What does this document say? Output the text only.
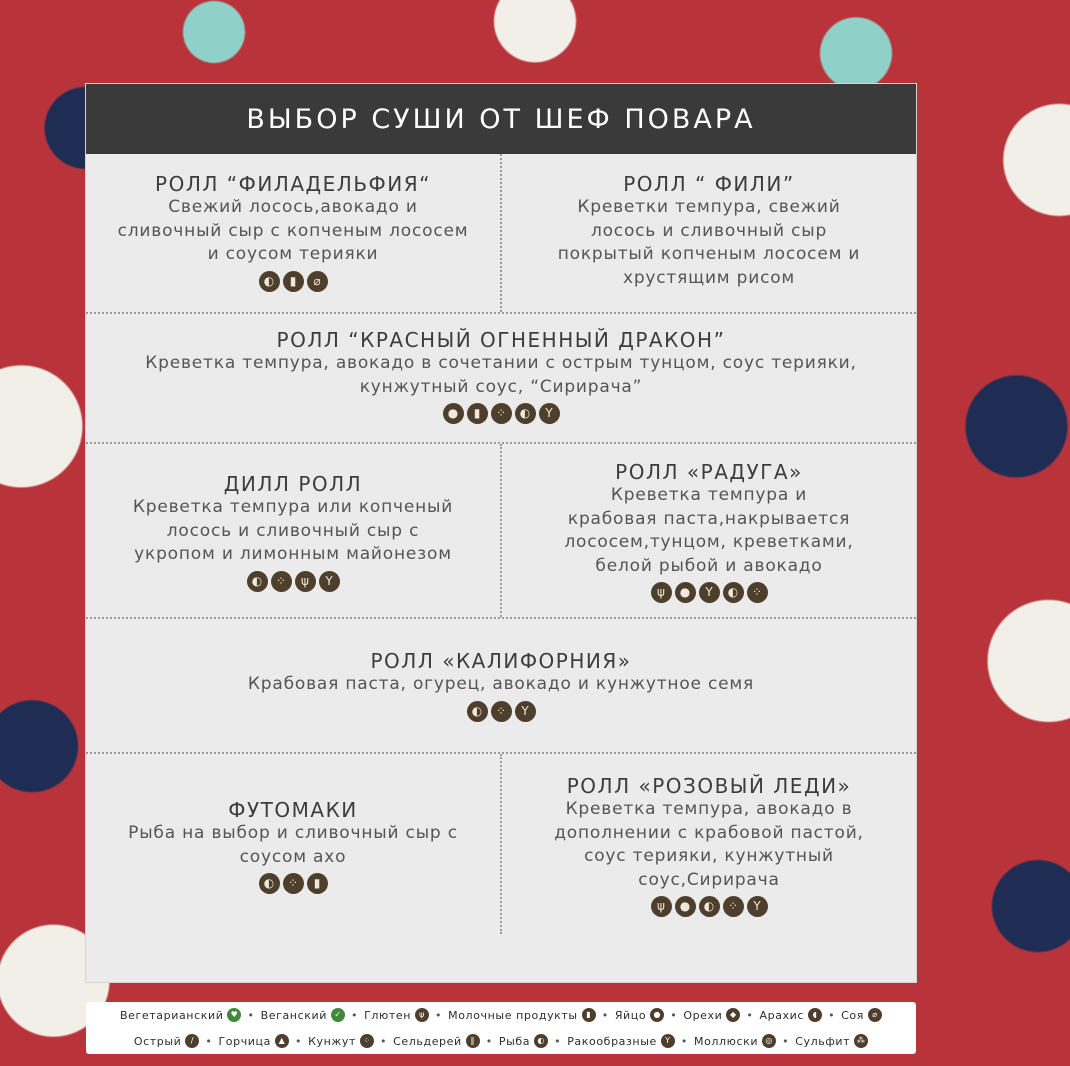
ВЫБОР СУШИ ОТ ШЕФ ПОВАРА
РОЛЛ “ФИЛАДЕЛЬФИЯ“
Свежий лосось,авокадо и
сливочный сыр с копченым лососем
и соусом терияки
◐	▮	⌀
РОЛЛ “ ФИЛИ”
Креветки темпура, свежий
лосось и сливочный сыр
покрытый копченым лососем и
хрустящим рисом
РОЛЛ “КРАСНЫЙ ОГНЕННЫЙ ДРАКОН”
Креветка темпура, авокадо в сочетании с острым тунцом, соус терияки,
кунжутный соус, “Сирирача”
●	▮	⁘	◐	Y
ДИЛЛ РОЛЛ
Креветка темпура или копченый
лосось и сливочный сыр с
укропом и лимонным майонезом
◐	⁘	ψ	Y
РОЛЛ «РАДУГА»
Креветка темпура и
крабовая паста,накрывается
лососем,тунцом, креветками,
белой рыбой и авокадо
ψ	●	Y	◐	⁘
РОЛЛ «КАЛИФОРНИЯ»
Крабовая паста, огурец, авокадо и кунжутное семя
◐	⁘	Y
ФУТОМАКИ
Рыба на выбор и сливочный сыр с
соусом ахо
◐	⁘	▮
РОЛЛ «РОЗОВЫЙ ЛЕДИ»
Креветка темпура, авокадо в
дополнении с крабовой пастой,
соус терияки, кунжутный
соус,Сирирача
ψ	●	◐	⁘	Y
Вегетарианский ♥ • Веганский ✓ • Глютен	ψ • Молочные продукты	▮ • Яйцо ● • Орехи ◆ • Арахис	◖ • Соя	⌀
Острый	/	• Горчица ▲ • Кунжут ⁘ • Сельдерей	‖ • Рыба ◐ • Ракообразные	Y • Моллюски ◎ • Сульфит ⁂
